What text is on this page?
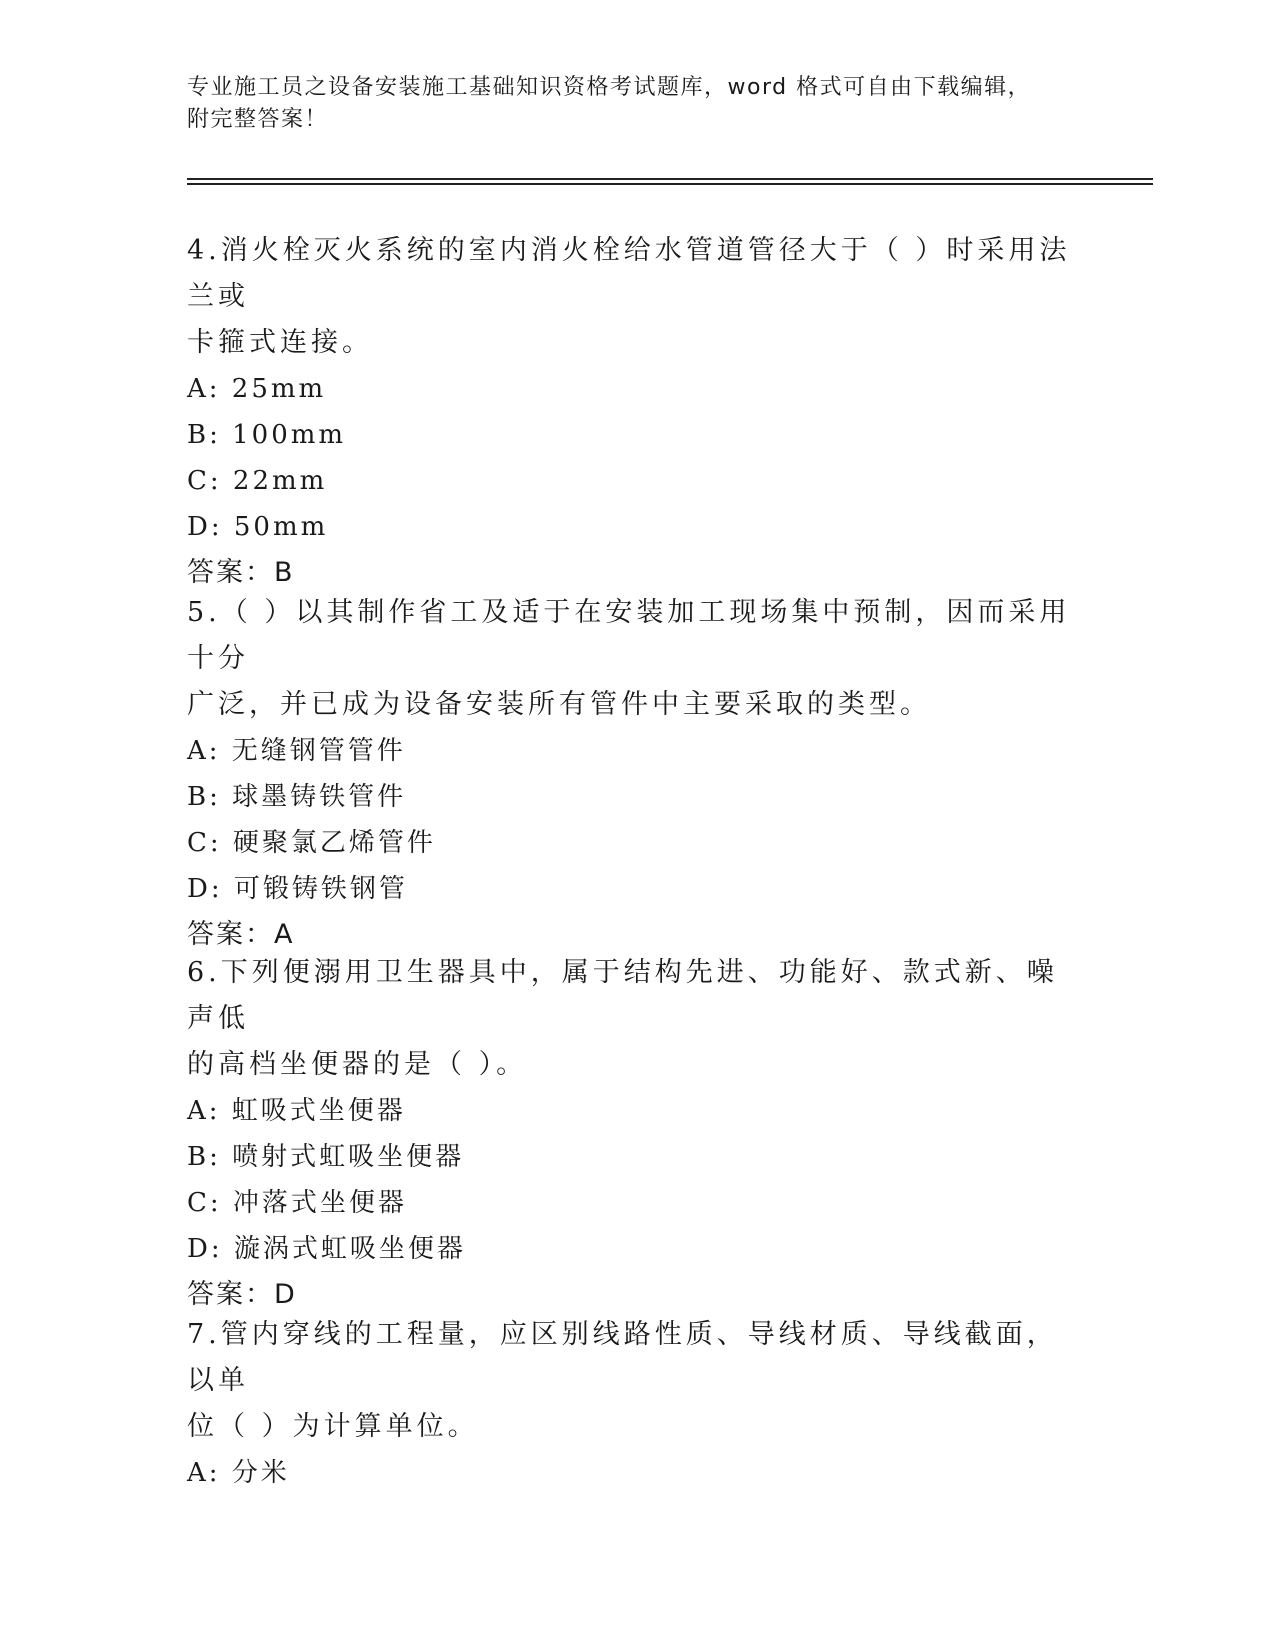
专业施工员之设备安装施工基础知识资格考试题库，word 格式可自由下载编辑，
附完整答案！
4.消火栓灭火系统的室内消火栓给水管道管径大于（ ）时采用法兰或
卡箍式连接。
A: 25mm
B: 100mm
C: 22mm
D: 50mm
答案：B
5.（ ）以其制作省工及适于在安装加工现场集中预制，因而采用十分
广泛，并已成为设备安装所有管件中主要采取的类型。
A: 无缝钢管管件
B: 球墨铸铁管件
C: 硬聚氯乙烯管件
D: 可锻铸铁钢管
答案：A
6.下列便溺用卫生器具中，属于结构先进、功能好、款式新、噪声低
的高档坐便器的是（ ）。
A: 虹吸式坐便器
B: 喷射式虹吸坐便器
C: 冲落式坐便器
D: 漩涡式虹吸坐便器
答案：D
7.管内穿线的工程量，应区别线路性质、导线材质、导线截面，以单
位（ ）为计算单位。
A: 分米
